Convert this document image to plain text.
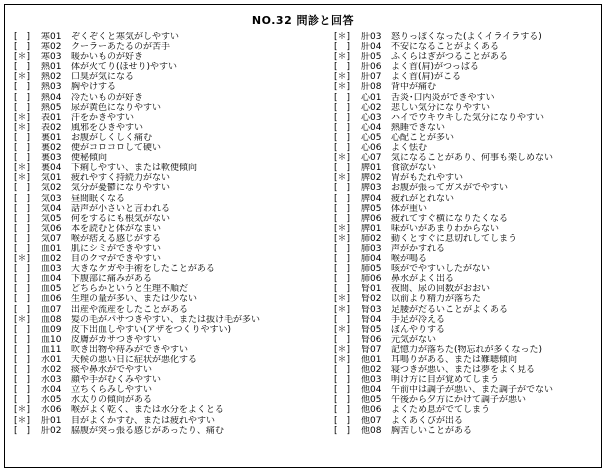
NO.32 問診と回答
[　] 寒01 ぞくぞくと寒気がしやすい
[　] 寒02 クーラーあたるのが苦手
[＊] 寒03 暖かいものが好き
[　] 熱01 体が火てり(ほせり)やすい
[＊] 熱02 口臭が気になる
[　] 熱03 胸やけする
[　] 熱04 冷たいものが好き
[　] 熱05 尿が黄色になりやすい
[＊] 表01 汗をかきやすい
[＊] 表02 風邪をひきやすい
[　] 裏01 お腹がしくしく痛む
[　] 裏02 便がコロコロして硬い
[　] 裏03 便秘傾向
[＊] 裏04 下痢しやすい、または軟便傾向
[＊] 気01 疲れやすく持続力がない
[　] 気02 気分が憂鬱になりやすい
[　] 気03 昼間眠くなる
[　] 気04 話声が小さいと言われる
[　] 気05 何をするにも根気がない
[　] 気06 本を読むと体がなまい
[　] 気07 喉が痞える感じがする
[　] 血01 肌にシミができやすい
[＊] 血02 目のクマができやすい
[　] 血03 大きなケガや手術をしたことがある
[　] 血04 下腹部に痛みがある
[　] 血05 どちらかというと生理不順だ
[　] 血06 生理の量が多い、または少ない
[　] 血07 出産や流産をしたことがある
[＊] 血08 髪の毛がパサつきやすい、または抜け毛が多い
[　] 血09 皮下出血しやすい(アザをつくりやすい)
[　] 血10 皮膚がカサつきやすい
[　] 血11 吹き出物や痔みができやすい
[　] 水01 天候の悪い日に症状が悪化する
[　] 水02 痰や鼻水がでやすい
[　] 水03 顔や手がむくみやすい
[　] 水04 立ちくらみしやすい
[　] 水05 水太りの傾向がある
[＊] 水06 喉がよく乾く、または水分をよくとる
[＊] 肝01 目がよくかすむ、または疲れやすい
[　] 肝02 脇腹が突っ張る感じがあったり、痛む
[＊] 肝03 怒りっぽくなった(よくイライラする)
[　] 肝04 不安になることがよくある
[＊] 肝05 ふくらはぎがつることがある
[　] 肝06 よく首(肩)がつっぱる
[＊] 肝07 よく首(肩)がこる
[＊] 肝08 背中が痛む
[　] 心01 舌炎･口内炎ができやすい
[　] 心02 悲しい気分になりやすい
[　] 心03 ハイでウキウキした気分になりやすい
[　] 心04 熱睡できない
[　] 心05 心配ことが多い
[　] 心06 よく怯む
[＊] 心07 気になることがあり、何事も楽しめない
[　] 脾01 食欲がない
[＊] 脾02 胃がもたれやすい
[　] 脾03 お腹が張ってガスがでやすい
[　] 脾04 疲れがとれない
[　] 脾05 体が重い
[　] 脾06 疲れてすぐ横になりたくなる
[＊] 脾01 味がいがあまりわからない
[＊] 肺02 動くとすぐに息切れしてしまう
[　] 肺03 声がかすれる
[　] 肺04 喉が鳴る
[　] 肺05 咳がでやすいしたがない
[　] 肺06 鼻水がよく出る
[　] 腎01 夜間、尿の回数がおおい
[＊] 腎02 以前より精力が落ちた
[＊] 腎03 足腰がだるいことがよくある
[　] 腎04 手足が冷える
[＊] 腎05 ぼんやりする
[　] 腎06 元気がない
[＊] 腎07 記憶力が落ちた(物忘れが多くなった)
[＊] 他01 耳鳴りがある、または難聴傾向
[　] 他02 寝つきが悪い、または夢をよく見る
[　] 他03 明け方に目が覚めてしまう
[　] 他04 午前中は調子が悪い、また調子がでない
[　] 他05 午後から夕方にかけて調子が悪い
[　] 他06 よくため息がでてしまう
[　] 他07 よくあくびが出る
[　] 他08 胸苦しいことがある
